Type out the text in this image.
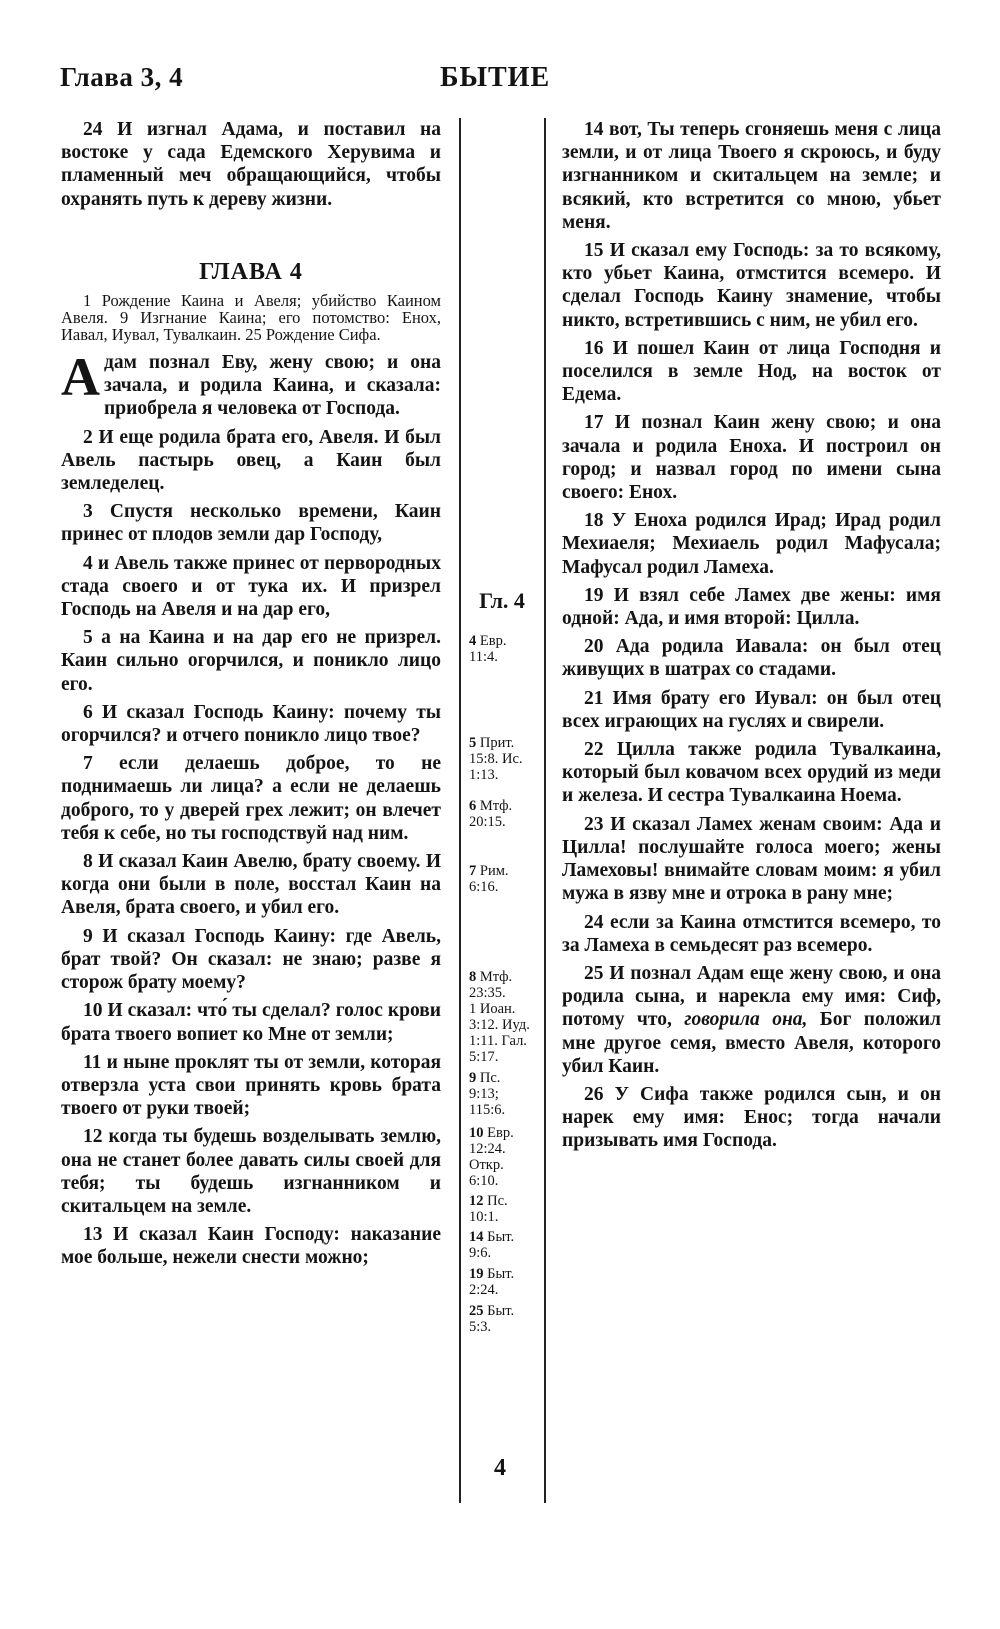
Глава 3, 4	БЫТИЕ

24 И изгнал Адама, и поставил на востоке у сада Едемского Херувима и пламенный меч обращающийся, чтобы охранять путь к дереву жизни.

ГЛАВА 4

1 Рождение Каина и Авеля; убийство Каином Авеля. 9 Изгнание Каина; его потомство: Енох, Иавал, Иувал, Тувалкаин. 25 Рождение Сифа.

Адам познал Еву, жену свою; и она зачала, и родила Каина, и сказала: приобрела я человека от Господа.

2 И еще родила брата его, Авеля. И был Авель пастырь овец, а Каин был земледелец.

3 Спустя несколько времени, Каин принес от плодов земли дар Господу,

4 и Авель также принес от первородных стада своего и от тука их. И призрел Господь на Авеля и на дар его,

5 а на Каина и на дар его не призрел. Каин сильно огорчился, и поникло лицо его.

6 И сказал Господь Каину: почему ты огорчился? и отчего поникло лицо твое?

7 если делаешь доброе, то не поднимаешь ли лица? а если не делаешь доброго, то у дверей грех лежит; он влечет тебя к себе, но ты господствуй над ним.

8 И сказал Каин Авелю, брату своему. И когда они были в поле, восстал Каин на Авеля, брата своего, и убил его.

9 И сказал Господь Каину: где Авель, брат твой? Он сказал: не знаю; разве я сторож брату моему?

10 И сказал: что́ ты сделал? голос крови брата твоего вопиет ко Мне от земли;

11 и ныне проклят ты от земли, которая отверзла уста свои принять кровь брата твоего от руки твоей;

12 когда ты будешь возделывать землю, она не станет более давать силы своей для тебя; ты будешь изгнанником и скитальцем на земле.

13 И сказал Каин Господу: наказание мое больше, нежели снести можно;

Гл. 4
4 Евр.
11:4.
5 Прит.
15:8. Ис.
1:13.
6 Мтф.
20:15.
7 Рим.
6:16.
8 Мтф.
23:35.
1 Иоан.
3:12. Иуд.
1:11. Гал.
5:17.
9 Пс.
9:13;
115:6.
10 Евр.
12:24.
Откр.
6:10.
12 Пс.
10:1.
14 Быт.
9:6.
19 Быт.
2:24.
25 Быт.
5:3.

14 вот, Ты теперь сгоняешь меня с лица земли, и от лица Твоего я скроюсь, и буду изгнанником и скитальцем на земле; и всякий, кто встретится со мною, убьет меня.

15 И сказал ему Господь: за то всякому, кто убьет Каина, отмстится всемеро. И сделал Господь Каину знамение, чтобы никто, встретившись с ним, не убил его.

16 И пошел Каин от лица Господня и поселился в земле Нод, на восток от Едема.

17 И познал Каин жену свою; и она зачала и родила Еноха. И построил он город; и назвал город по имени сына своего: Енох.

18 У Еноха родился Ирад; Ирад родил Мехиаеля; Мехиаель родил Мафусала; Мафусал родил Ламеха.

19 И взял себе Ламех две жены: имя одной: Ада, и имя второй: Цилла.

20 Ада родила Иавала: он был отец живущих в шатрах со стадами.

21 Имя брату его Иувал: он был отец всех играющих на гуслях и свирели.

22 Цилла также родила Тувалкаина, который был ковачом всех орудий из меди и железа. И сестра Тувалкаина Ноема.

23 И сказал Ламех женам своим: Ада и Цилла! послушайте голоса моего; жены Ламеховы! внимайте словам моим: я убил мужа в язву мне и отрока в рану мне;

24 если за Каина отмстится всемеро, то за Ламеха в семьдесят раз всемеро.

25 И познал Адам еще жену свою, и она родила сына, и нарекла ему имя: Сиф, потому что, говорила она, Бог положил мне другое семя, вместо Авеля, которого убил Каин.

26 У Сифа также родился сын, и он нарек ему имя: Енос; тогда начали призывать имя Господа.

4
